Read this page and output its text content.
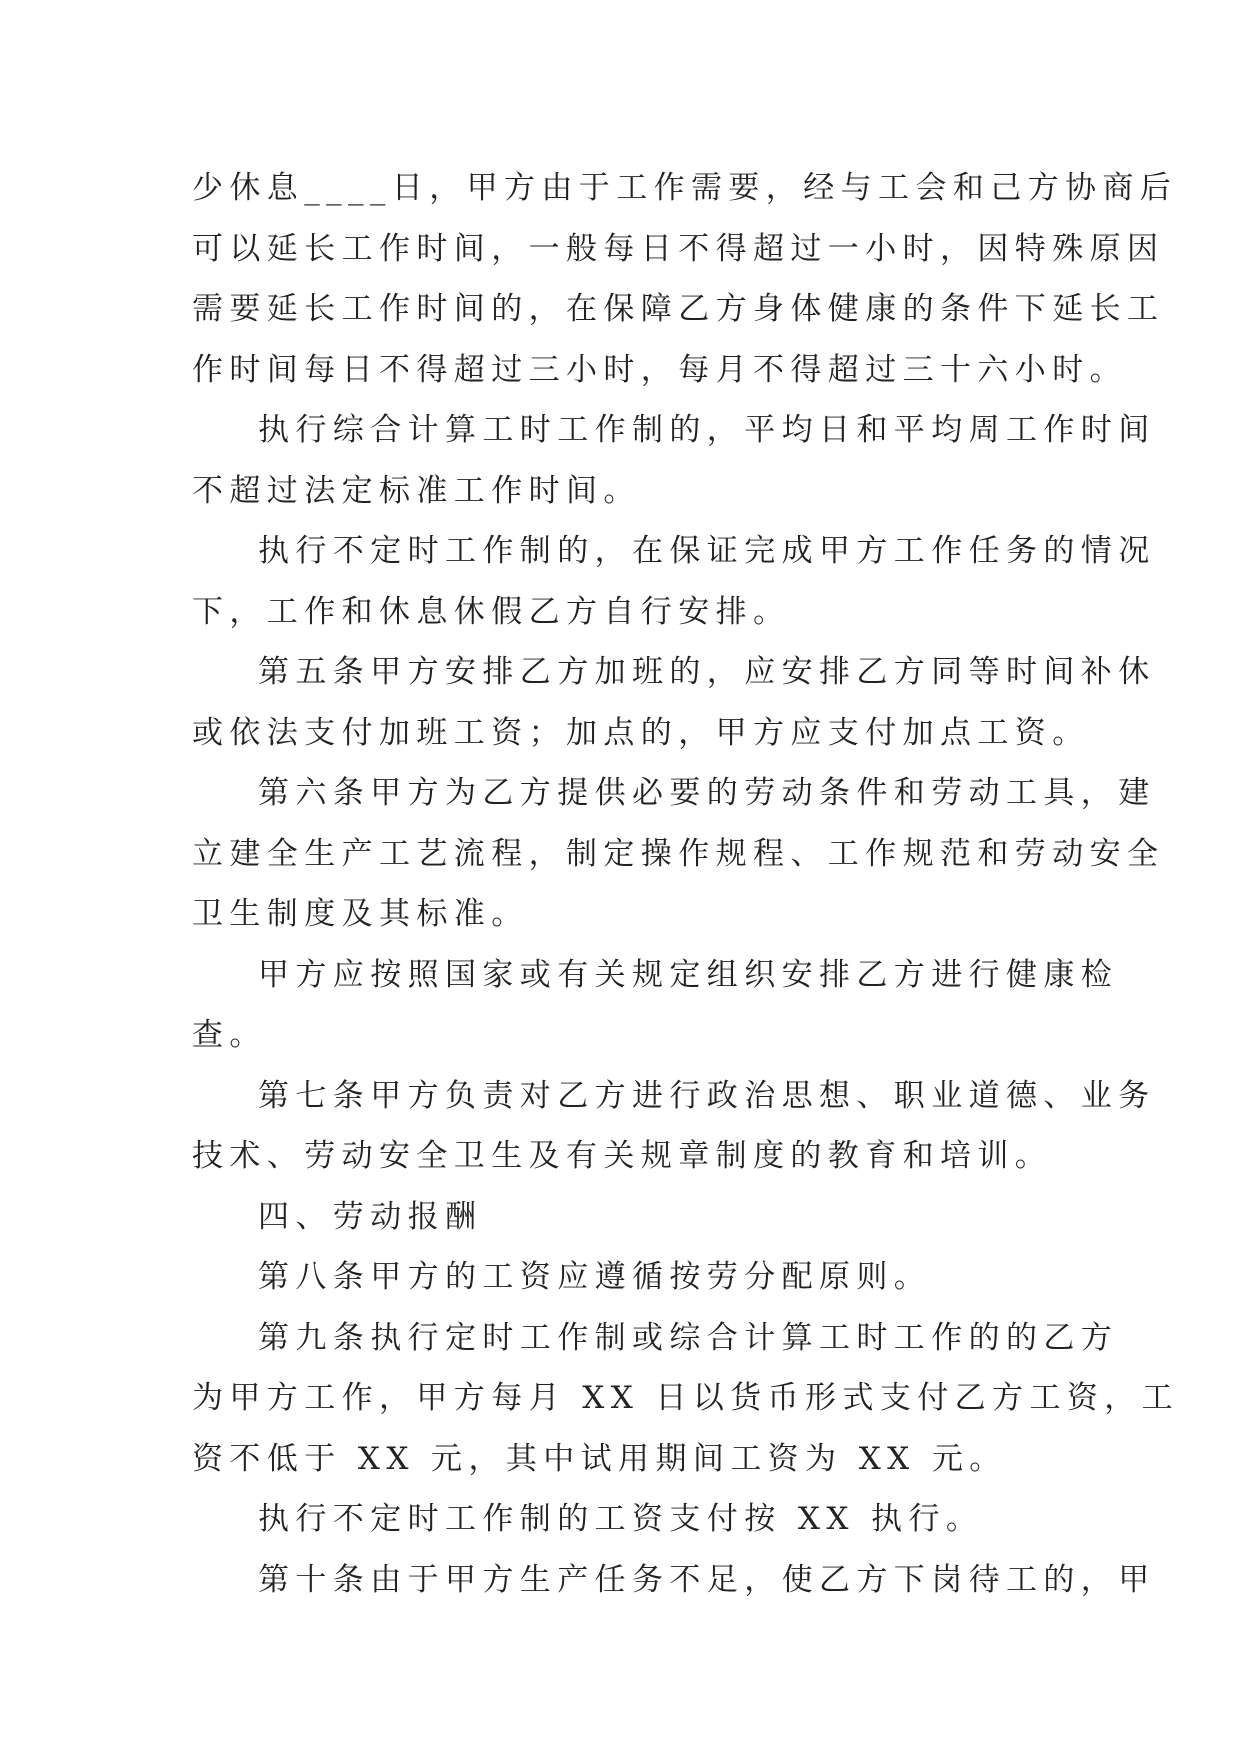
少休息____日，甲方由于工作需要，经与工会和己方协商后
可以延长工作时间，一般每日不得超过一小时，因特殊原因
需要延长工作时间的，在保障乙方身体健康的条件下延长工
作时间每日不得超过三小时，每月不得超过三十六小时。
执行综合计算工时工作制的，平均日和平均周工作时间
不超过法定标准工作时间。
执行不定时工作制的，在保证完成甲方工作任务的情况
下，工作和休息休假乙方自行安排。
第五条甲方安排乙方加班的，应安排乙方同等时间补休
或依法支付加班工资；加点的，甲方应支付加点工资。
第六条甲方为乙方提供必要的劳动条件和劳动工具，建
立建全生产工艺流程，制定操作规程、工作规范和劳动安全
卫生制度及其标准。
甲方应按照国家或有关规定组织安排乙方进行健康检
查。
第七条甲方负责对乙方进行政治思想、职业道德、业务
技术、劳动安全卫生及有关规章制度的教育和培训。
四、劳动报酬
第八条甲方的工资应遵循按劳分配原则。
第九条执行定时工作制或综合计算工时工作的的乙方
为甲方工作，甲方每月 XX 日以货币形式支付乙方工资，工
资不低于 XX 元，其中试用期间工资为 XX 元。
执行不定时工作制的工资支付按 XX 执行。
第十条由于甲方生产任务不足，使乙方下岗待工的，甲
